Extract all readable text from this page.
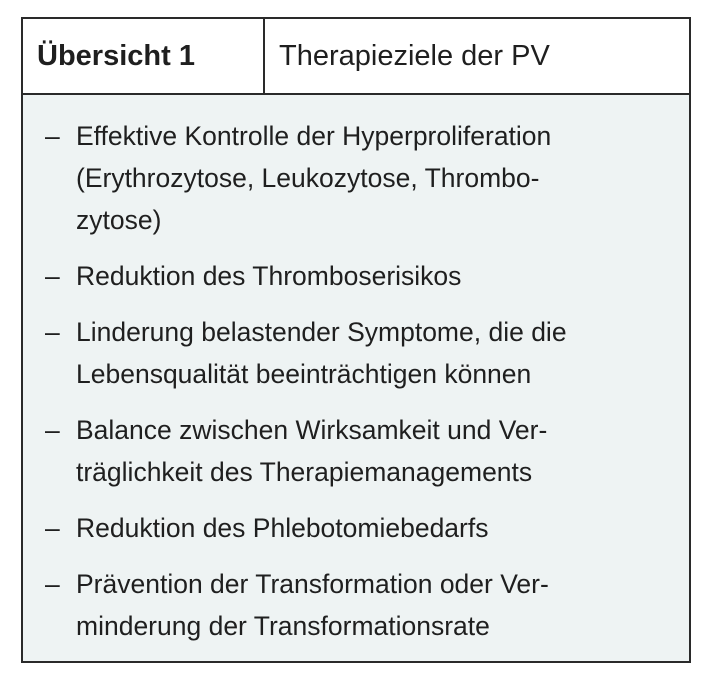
Übersicht 1	Therapieziele der PV
– Effektive Kontrolle der Hyperproliferation
(Erythrozytose, Leukozytose, Thrombo-
zytose)
– Reduktion des Thromboserisikos
– Linderung belastender Symptome, die die
Lebensqualität beeinträchtigen können
– Balance zwischen Wirksamkeit und Ver-
träglichkeit des Therapiemanagements
– Reduktion des Phlebotomiebedarfs
– Prävention der Transformation oder Ver-
minderung der Transformationsrate
